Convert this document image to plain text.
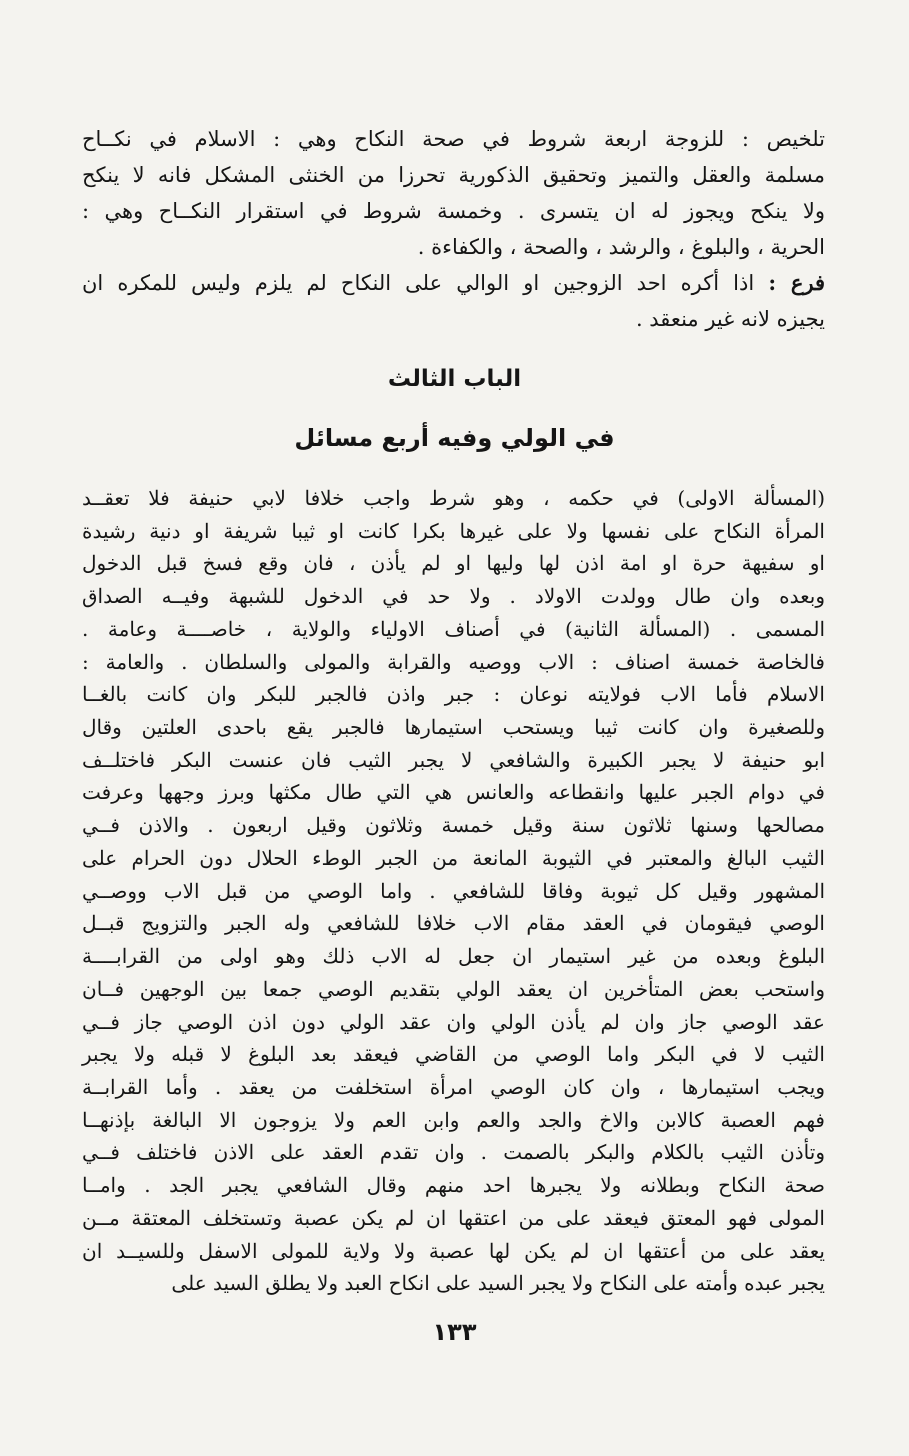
تلخيص : للزوجة اربعة شروط في صحة النكاح وهي : الاسلام في نكــاح
مسلمة والعقل والتميز وتحقيق الذكورية تحرزا من الخنثى المشكل فانه لا ينكح
ولا ينكح ويجوز له ان يتسرى . وخمسة شروط في استقرار النكــاح وهي :
الحرية ، والبلوغ ، والرشد ، والصحة ، والكفاءة .
فرع : اذا أكره احد الزوجين او الوالي على النكاح لم يلزم وليس للمكره ان
يجيزه لانه غير منعقد .
الباب الثالث
في الولي وفيه أربع مسائل
(المسألة الاولى) في حكمه ، وهو شرط واجب خلافا لابي حنيفة فلا تعقــد
المرأة النكاح على نفسها ولا على غيرها بكرا كانت او ثيبا شريفة او دنية رشيدة
او سفيهة حرة او امة اذن لها وليها او لم يأذن ، فان وقع فسخ قبل الدخول
وبعده وان طال وولدت الاولاد . ولا حد في الدخول للشبهة وفيــه الصداق
المسمى . (المسألة الثانية) في أصناف الاولياء والولاية ، خاصــــة وعامة .
فالخاصة خمسة اصناف : الاب ووصيه والقرابة والمولى والسلطان . والعامة :
الاسلام فأما الاب فولايته نوعان : جبر واذن فالجبر للبكر وان كانت بالغــا
وللصغيرة وان كانت ثيبا ويستحب استيمارها فالجبر يقع باحدى العلتين وقال
ابو حنيفة لا يجبر الكبيرة والشافعي لا يجبر الثيب فان عنست البكر فاختلــف
في دوام الجبر عليها وانقطاعه والعانس هي التي طال مكثها وبرز وجهها وعرفت
مصالحها وسنها ثلاثون سنة وقيل خمسة وثلاثون وقيل اربعون . والاذن فــي
الثيب البالغ والمعتبر في الثيوبة المانعة من الجبر الوطء الحلال دون الحرام على
المشهور وقيل كل ثيوبة وفاقا للشافعي . واما الوصي من قبل الاب ووصــي
الوصي فيقومان في العقد مقام الاب خلافا للشافعي وله الجبر والتزويج قبــل
البلوغ وبعده من غير استيمار ان جعل له الاب ذلك وهو اولى من القرابــــة
واستحب بعض المتأخرين ان يعقد الولي بتقديم الوصي جمعا بين الوجهين فــان
عقد الوصي جاز وان لم يأذن الولي وان عقد الولي دون اذن الوصي جاز فــي
الثيب لا في البكر واما الوصي من القاضي فيعقد بعد البلوغ لا قبله ولا يجبر
ويجب استيمارها ، وان كان الوصي امرأة استخلفت من يعقد . وأما القرابــة
فهم العصبة كالابن والاخ والجد والعم وابن العم ولا يزوجون الا البالغة بإذنهــا
وتأذن الثيب بالكلام والبكر بالصمت . وان تقدم العقد على الاذن فاختلف فــي
صحة النكاح وبطلانه ولا يجبرها احد منهم وقال الشافعي يجبر الجد . وامــا
المولى فهو المعتق فيعقد على من اعتقها ان لم يكن عصبة وتستخلف المعتقة مــن
١٣٣
يعقد على من أعتقها ان لم يكن لها عصبة ولا ولاية للمولى الاسفل وللسيــد ان
يجبر عبده وأمته على النكاح ولا يجبر السيد على انكاح العبد ولا يطلق السيد على
